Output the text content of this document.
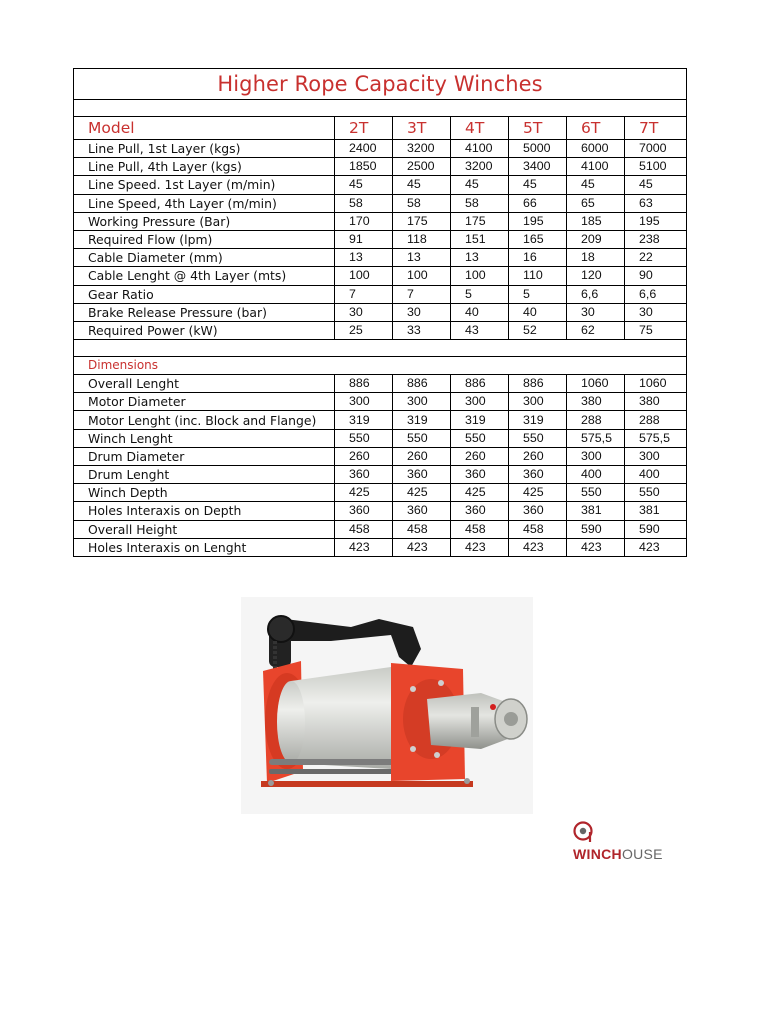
Higher Rope Capacity Winches						

Model	2T	3T	4T	5T	6T	7T
Line Pull, 1st Layer (kgs)	2400	3200	4100	5000	6000	7000
Line Pull, 4th Layer (kgs)	1850	2500	3200	3400	4100	5100
Line Speed. 1st Layer (m/min)	45	45	45	45	45	45
Line Speed, 4th Layer (m/min)	58	58	58	66	65	63
Working Pressure (Bar)	170	175	175	195	185	195
Required Flow (lpm)	91	118	151	165	209	238
Cable Diameter (mm)	13	13	13	16	18	22
Cable Lenght @ 4th Layer (mts)	100	100	100	110	120	90
Gear Ratio	7	7	5	5	6,6	6,6
Brake Release Pressure (bar)	30	30	40	40	30	30
Required Power (kW)	25	33	43	52	62	75

Dimensions						
Overall Lenght	886	886	886	886	1060	1060
Motor Diameter	300	300	300	300	380	380
Motor Lenght (inc. Block and Flange)	319	319	319	319	288	288
Winch Lenght	550	550	550	550	575,5	575,5
Drum Diameter	260	260	260	260	300	300
Drum Lenght	360	360	360	360	400	400
Winch Depth	425	425	425	425	550	550
Holes Interaxis on Depth	360	360	360	360	381	381
Overall Height	458	458	458	458	590	590
Holes Interaxis on Lenght	423	423	423	423	423	423
WINCHOUSE
